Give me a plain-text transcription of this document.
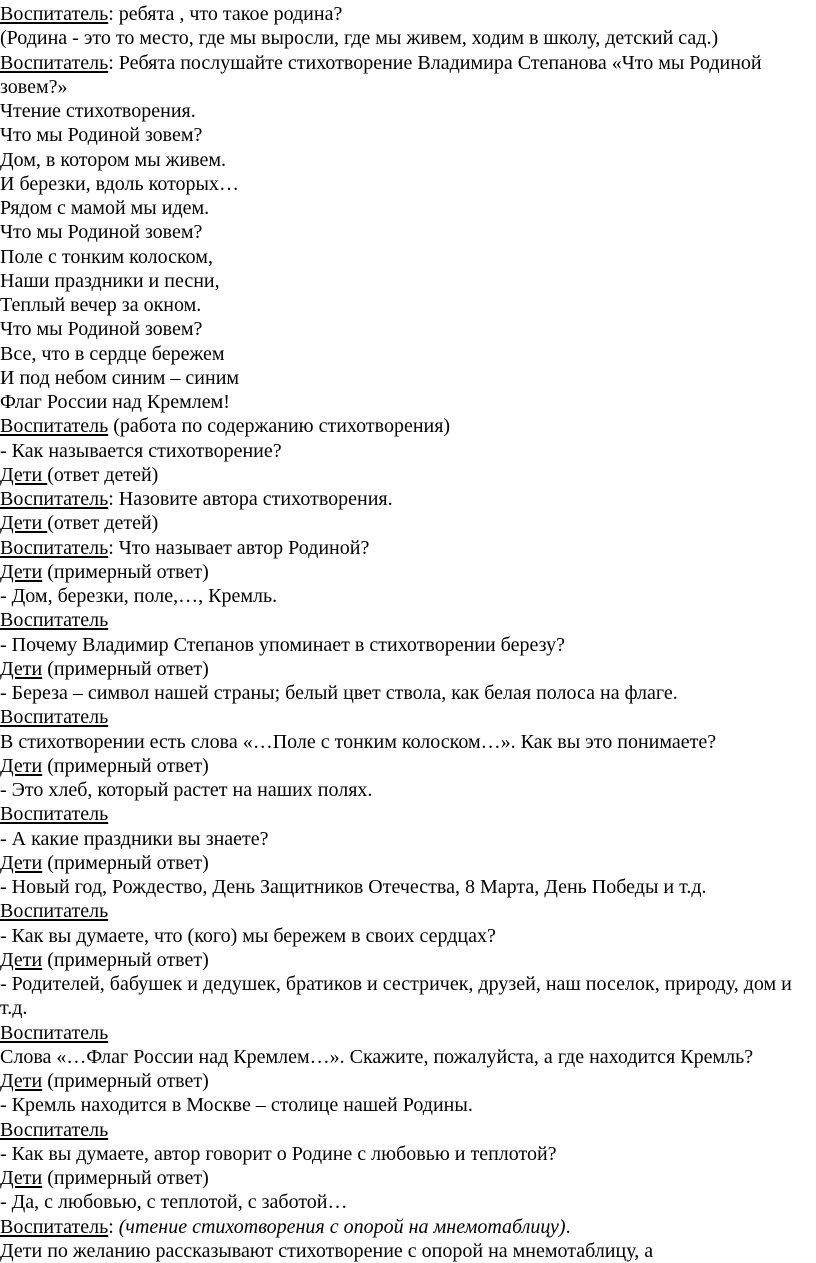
Воспитатель: ребята , что такое родина?
(Родина - это то место, где мы выросли, где мы живем, ходим в школу, детский сад.)
Воспитатель: Ребята послушайте стихотворение Владимира Степанова «Что мы Родиной зовем?»
Чтение стихотворения.
Что мы Родиной зовем?
Дом, в котором мы живем.
И березки, вдоль которых…
Рядом с мамой мы идем.
Что мы Родиной зовем?
Поле с тонким колоском,
Наши праздники и песни,
Теплый вечер за окном.
Что мы Родиной зовем?
Все, что в сердце бережем
И под небом синим – синим
Флаг России над Кремлем!
Воспитатель (работа по содержанию стихотворения)
- Как называется стихотворение?
Дети (ответ детей)
Воспитатель: Назовите автора стихотворения.
Дети (ответ детей)
Воспитатель: Что называет автор Родиной?
Дети (примерный ответ)
- Дом, березки, поле,…, Кремль.
Воспитатель
- Почему Владимир Степанов упоминает в стихотворении березу?
Дети (примерный ответ)
- Береза – символ нашей страны; белый цвет ствола, как белая полоса на флаге.
Воспитатель
В стихотворении есть слова «…Поле с тонким колоском…». Как вы это понимаете?
Дети (примерный ответ)
- Это хлеб, который растет на наших полях.
Воспитатель
- А какие праздники вы знаете?
Дети (примерный ответ)
- Новый год, Рождество, День Защитников Отечества, 8 Марта, День Победы и т.д.
Воспитатель
- Как вы думаете, что (кого) мы бережем в своих сердцах?
Дети (примерный ответ)
- Родителей, бабушек и дедушек, братиков и сестричек, друзей, наш поселок, природу, дом и т.д.
Воспитатель
Слова «…Флаг России над Кремлем…». Скажите, пожалуйста, а где находится Кремль?
Дети (примерный ответ)
- Кремль находится в Москве – столице нашей Родины.
Воспитатель
- Как вы думаете, автор говорит о Родине с любовью и теплотой?
Дети (примерный ответ)
- Да, с любовью, с теплотой, с заботой…
Воспитатель: (чтение стихотворения с опорой на мнемотаблицу).
Дети по желанию рассказывают стихотворение с опорой на мнемотаблицу, а
